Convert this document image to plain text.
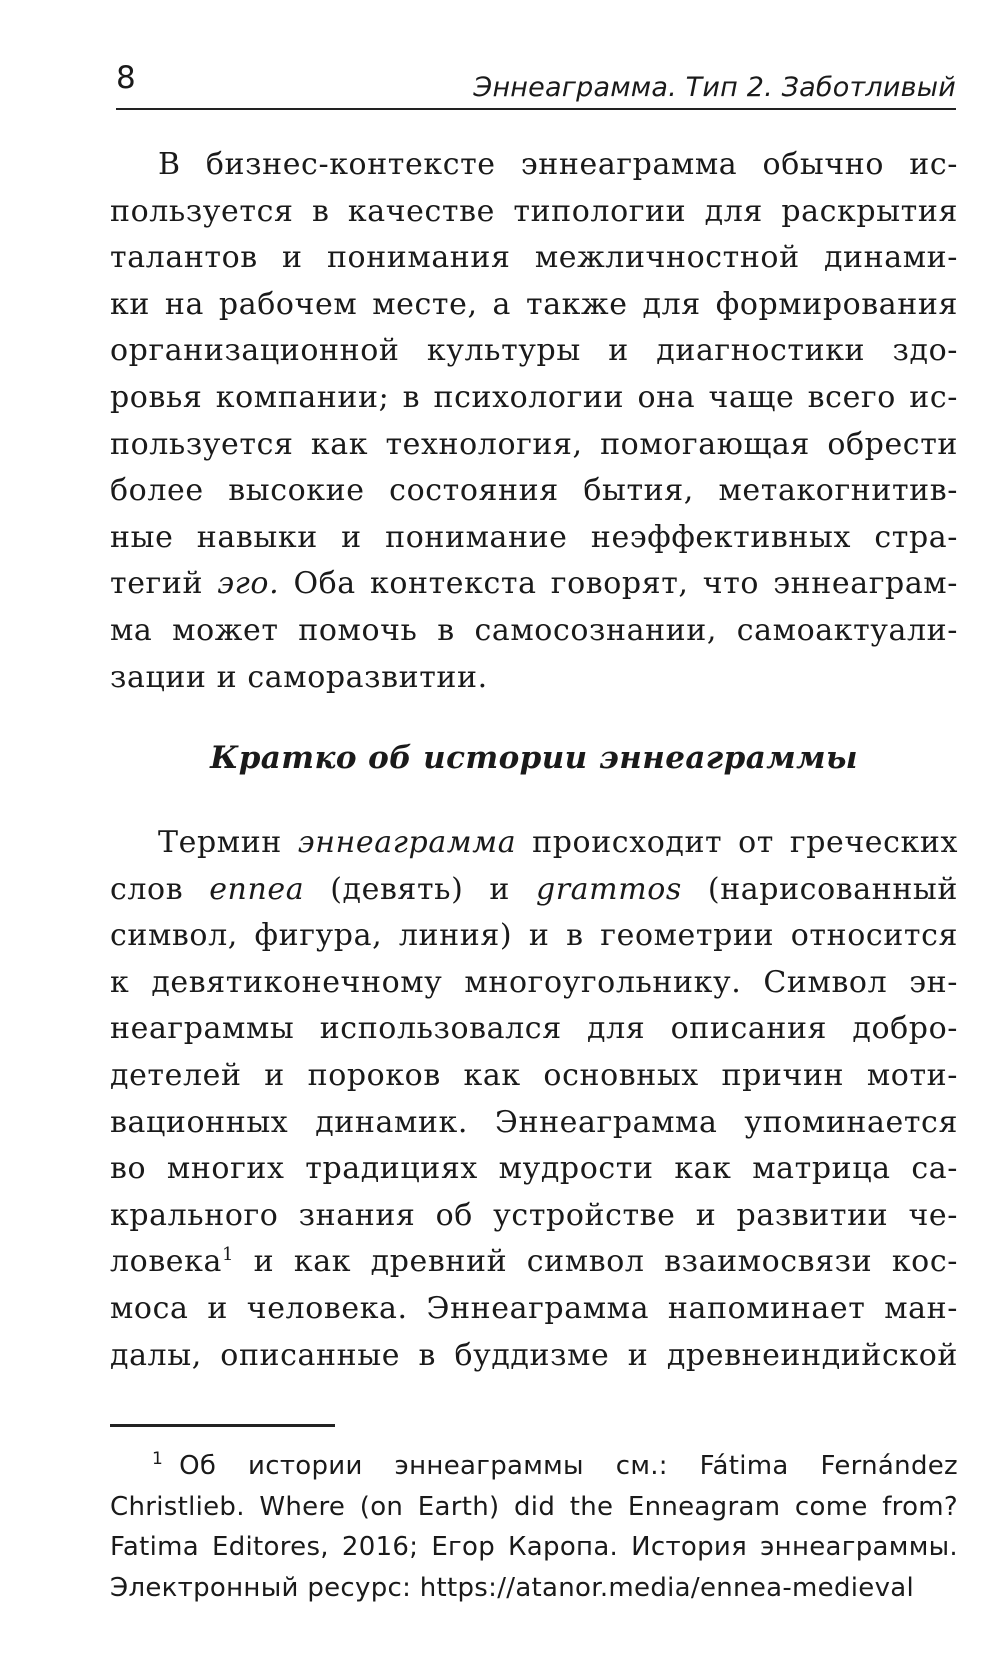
8	Эннеаграмма. Тип 2. Заботливый
В бизнес-контексте эннеаграмма обычно ис-
пользуется в качестве типологии для раскрытия
талантов и понимания межличностной динами-
ки на рабочем месте, а также для формирования
организационной культуры и диагностики здо-
ровья компании; в психологии она чаще всего ис-
пользуется как технология, помогающая обрести
более высокие состояния бытия, метакогнитив-
ные навыки и понимание неэффективных стра-
тегий эго. Оба контекста говорят, что эннеаграм-
ма может помочь в самосознании, самоактуали-
зации и саморазвитии.
Кратко об истории эннеаграммы
Термин эннеаграмма происходит от греческих
слов ennea (девять) и grammos (нарисованный
символ, фигура, линия) и в геометрии относится
к девятиконечному многоугольнику. Символ эн-
неаграммы использовался для описания добро-
детелей и пороков как основных причин моти-
вационных динамик. Эннеаграмма упоминается
во многих традициях мудрости как матрица са-
крального знания об устройстве и развитии че-
ловека$^1$ и как древний символ взаимосвязи кос-
моса и человека. Эннеаграмма напоминает ман-
далы, описанные в буддизме и древнеиндийской
$^1$ Об истории эннеаграммы см.: Fátima Fernández
Christlieb. Where (on Earth) did the Enneagram come from?
Fatima Editores, 2016; Егор Каропа. История эннеаграммы.
Электронный ресурс: https://atanor.media/ennea-medieval
